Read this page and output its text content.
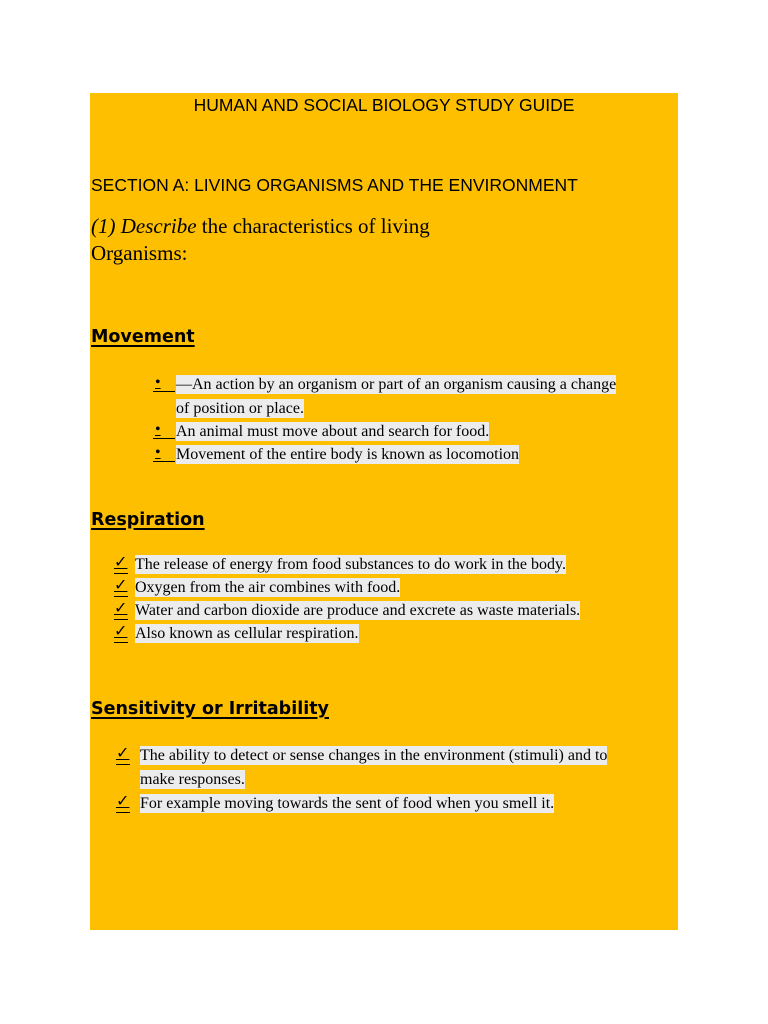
HUMAN AND SOCIAL BIOLOGY STUDY GUIDE

SECTION A: LIVING ORGANISMS AND THE ENVIRONMENT

(1) Describe the characteristics of living
Organisms:

Movement
• —An action by an organism or part of an organism causing a change
of position or place.
• An animal must move about and search for food.
• Movement of the entire body is known as locomotion
Respiration
✓ The release of energy from food substances to do work in the body.
✓ Oxygen from the air combines with food.
✓ Water and carbon dioxide are produce and excrete as waste materials.
✓ Also known as cellular respiration.
Sensitivity or Irritability
✓ The ability to detect or sense changes in the environment (stimuli) and to
make responses.
✓ For example moving towards the sent of food when you smell it.
